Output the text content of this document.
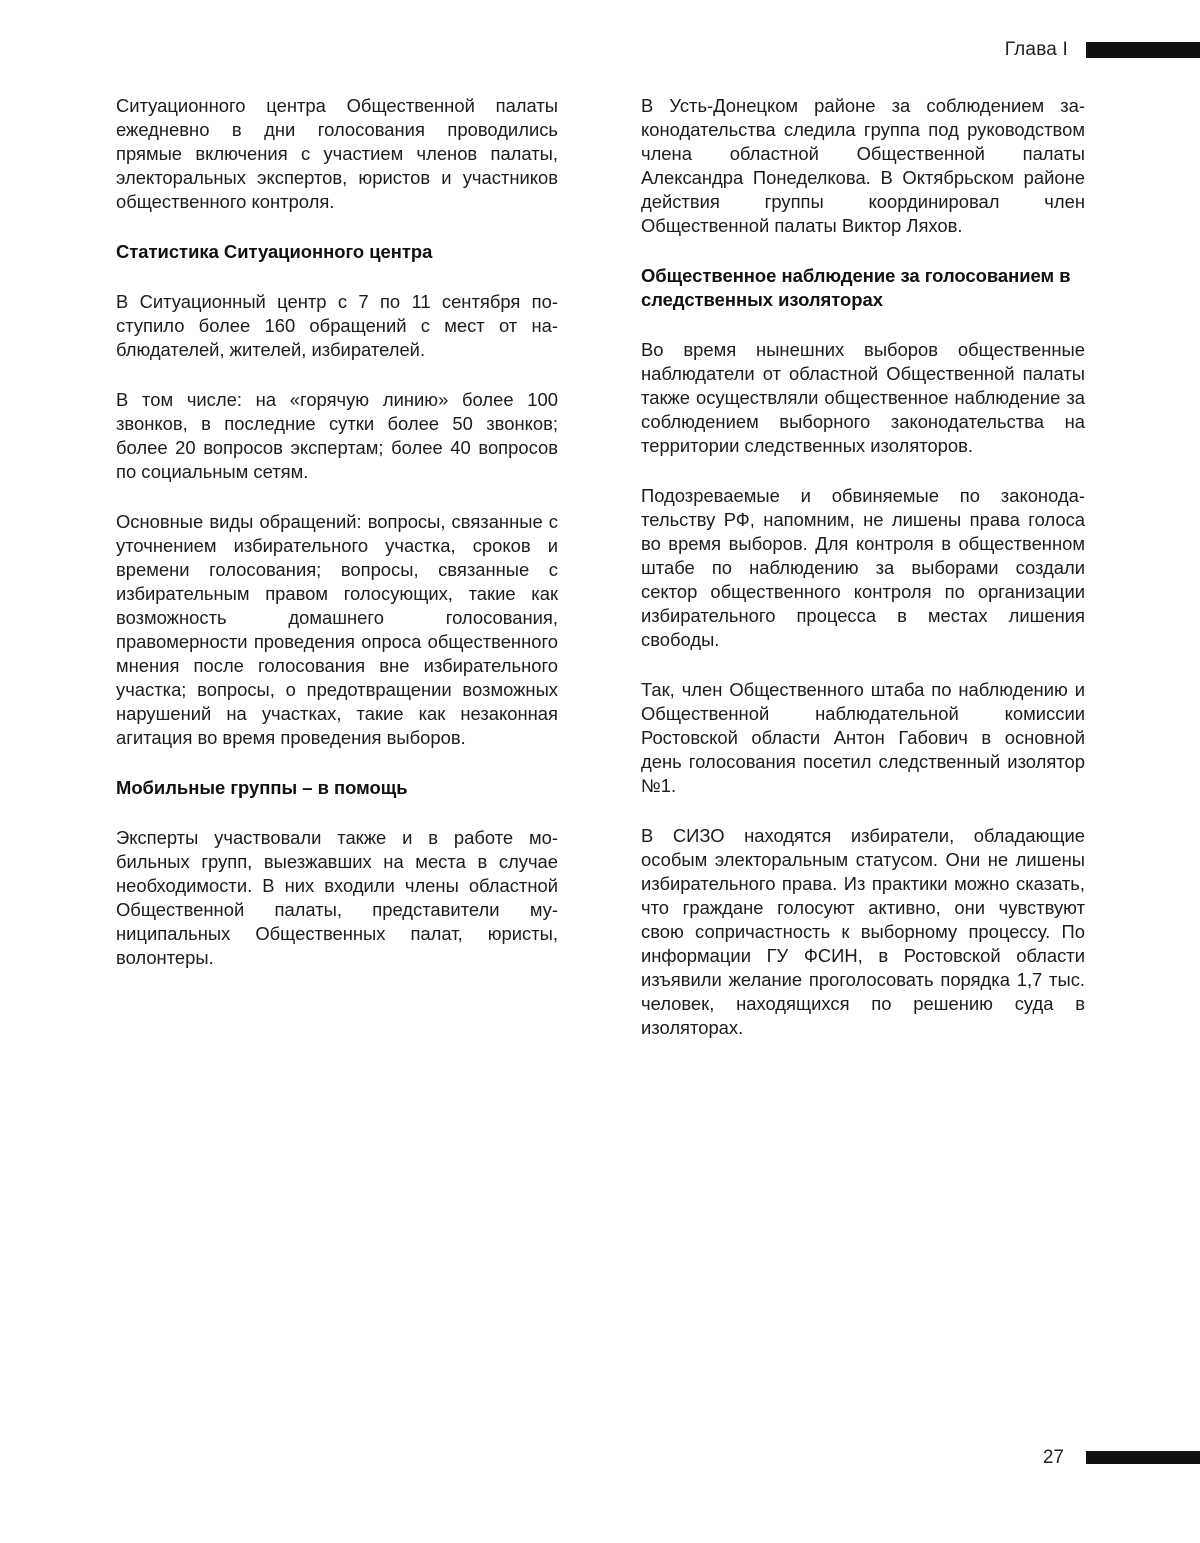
Глава I

Ситуационного центра Общественной палаты ежедневно в дни голосования проводились прямые включения с участием членов палаты, электоральных экспертов, юристов и участников общественного контроля.

Статистика Ситуационного центра

В Ситуационный центр с 7 по 11 сентября поступило более 160 обращений с мест от наблюдателей, жителей, избирателей.

В том числе: на «горячую линию» более 100 звонков, в последние сутки более 50 звонков; более 20 вопросов экспертам; более 40 вопросов по социальным сетям.

Основные виды обращений: вопросы, связанные с уточнением избирательного участка, сроков и времени голосования; вопросы, связанные с избирательным правом голосующих, такие как возможность домашнего голосования, правомерности проведения опроса общественного мнения после голосования вне избирательного участка; вопросы, о предотвращении возможных нарушений на участках, такие как незаконная агитация во время проведения выборов.

Мобильные группы – в помощь

Эксперты участвовали также и в работе мобильных групп, выезжавших на места в случае необходимости. В них входили члены областной Общественной палаты, представители муниципальных Общественных палат, юристы, волонтеры.

В Усть-Донецком районе за соблюдением законодательства следила группа под руководством члена областной Общественной палаты Александра Понеделкова. В Октябрьском районе действия группы координировал член Общественной палаты Виктор Ляхов.

Общественное наблюдение за голосованием в следственных изоляторах

Во время нынешних выборов общественные наблюдатели от областной Общественной палаты также осуществляли общественное наблюдение за соблюдением выборного законодательства на территории следственных изоляторов.

Подозреваемые и обвиняемые по законодательству РФ, напомним, не лишены права голоса во время выборов. Для контроля в общественном штабе по наблюдению за выборами создали сектор общественного контроля по организации избирательного процесса в местах лишения свободы.

Так, член Общественного штаба по наблюдению и Общественной наблюдательной комиссии Ростовской области Антон Габович в основной день голосования посетил следственный изолятор №1.

В СИЗО находятся избиратели, обладающие особым электоральным статусом. Они не лишены избирательного права. Из практики можно сказать, что граждане голосуют активно, они чувствуют свою сопричастность к выборному процессу. По информации ГУ ФСИН, в Ростовской области изъявили желание проголосовать порядка 1,7 тыс. человек, находящихся по решению суда в изоляторах.

27
